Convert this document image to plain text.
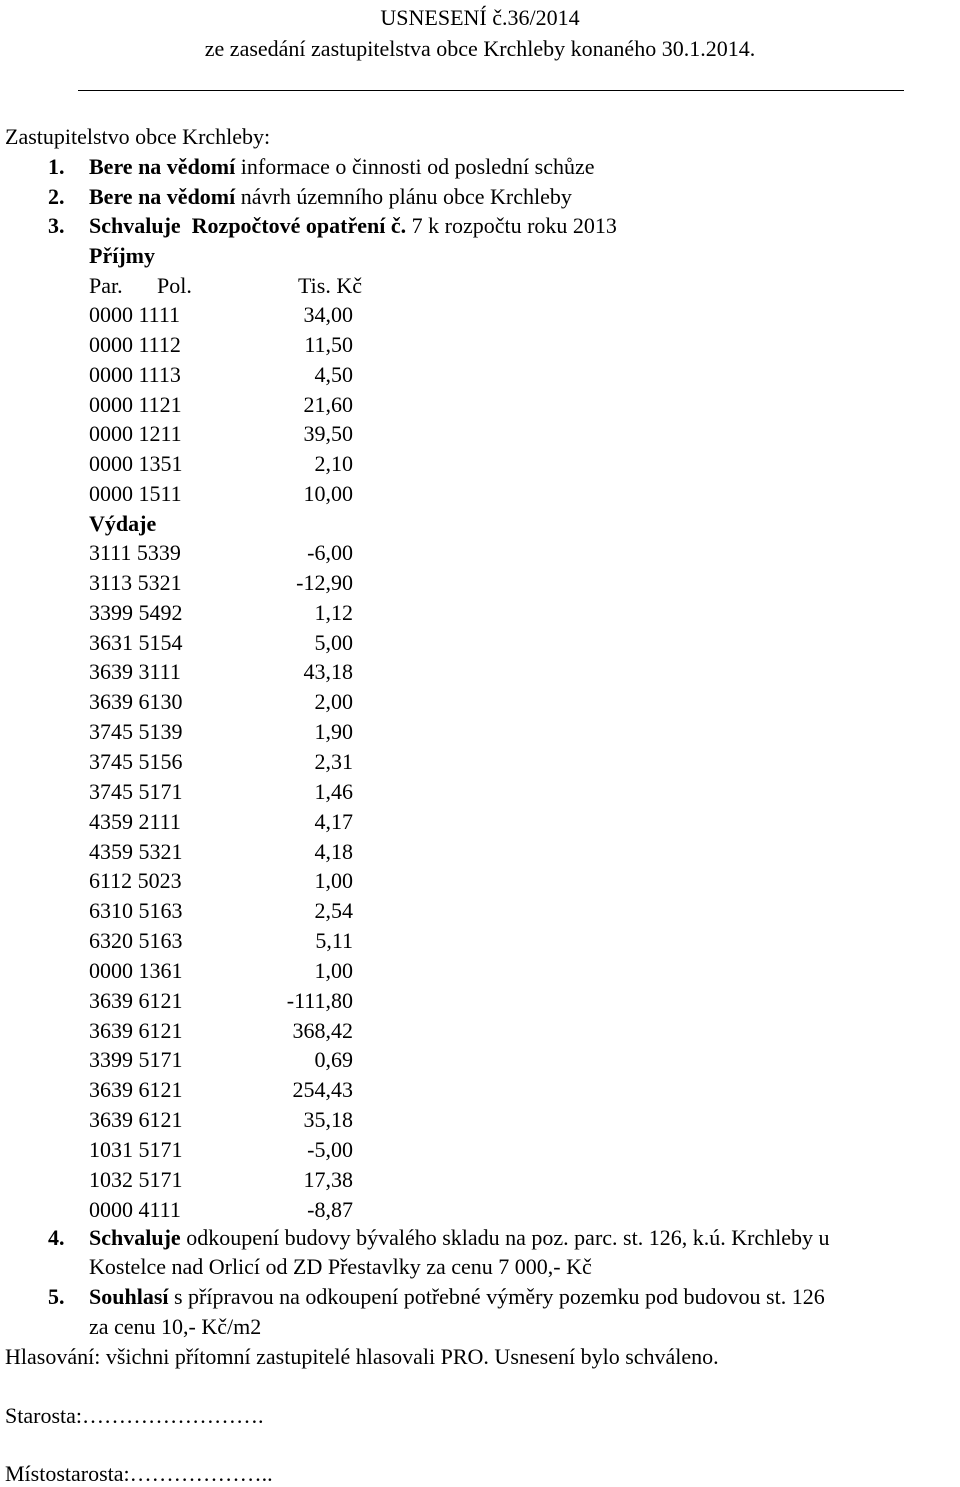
USNESENÍ č.36/2014
ze zasedání zastupitelstva obce Krchleby konaného 30.1.2014.
Zastupitelstvo obce Krchleby:
1. Bere na vědomí informace o činnosti od poslední schůze
2. Bere na vědomí návrh územního plánu obce Krchleby
3. Schvaluje  Rozpočtové opatření č. 7 k rozpočtu roku 2013
Příjmy
Par. Pol.	Tis. Kč
0000 1111	34,00
0000 1112	11,50
0000 1113	4,50
0000 1121	21,60
0000 1211	39,50
0000 1351	2,10
0000 1511	10,00
Výdaje
3111 5339	-6,00
3113 5321	-12,90
3399 5492	1,12
3631 5154	5,00
3639 3111	43,18
3639 6130	2,00
3745 5139	1,90
3745 5156	2,31
3745 5171	1,46
4359 2111	4,17
4359 5321	4,18
6112 5023	1,00
6310 5163	2,54
6320 5163	5,11
0000 1361	1,00
3639 6121	-111,80
3639 6121	368,42
3399 5171	0,69
3639 6121	254,43
3639 6121	35,18
1031 5171	-5,00
1032 5171	17,38
0000 4111	-8,87
4. Schvaluje odkoupení budovy bývalého skladu na poz. parc. st. 126, k.ú. Krchleby u
Kostelce nad Orlicí od ZD Přestavlky za cenu 7 000,- Kč
5. Souhlasí s přípravou na odkoupení potřebné výměry pozemku pod budovou st. 126
za cenu 10,- Kč/m2
Hlasování: všichni přítomní zastupitelé hlasovali PRO. Usnesení bylo schváleno.
Starosta:…………………….
Místostarosta:………………..
